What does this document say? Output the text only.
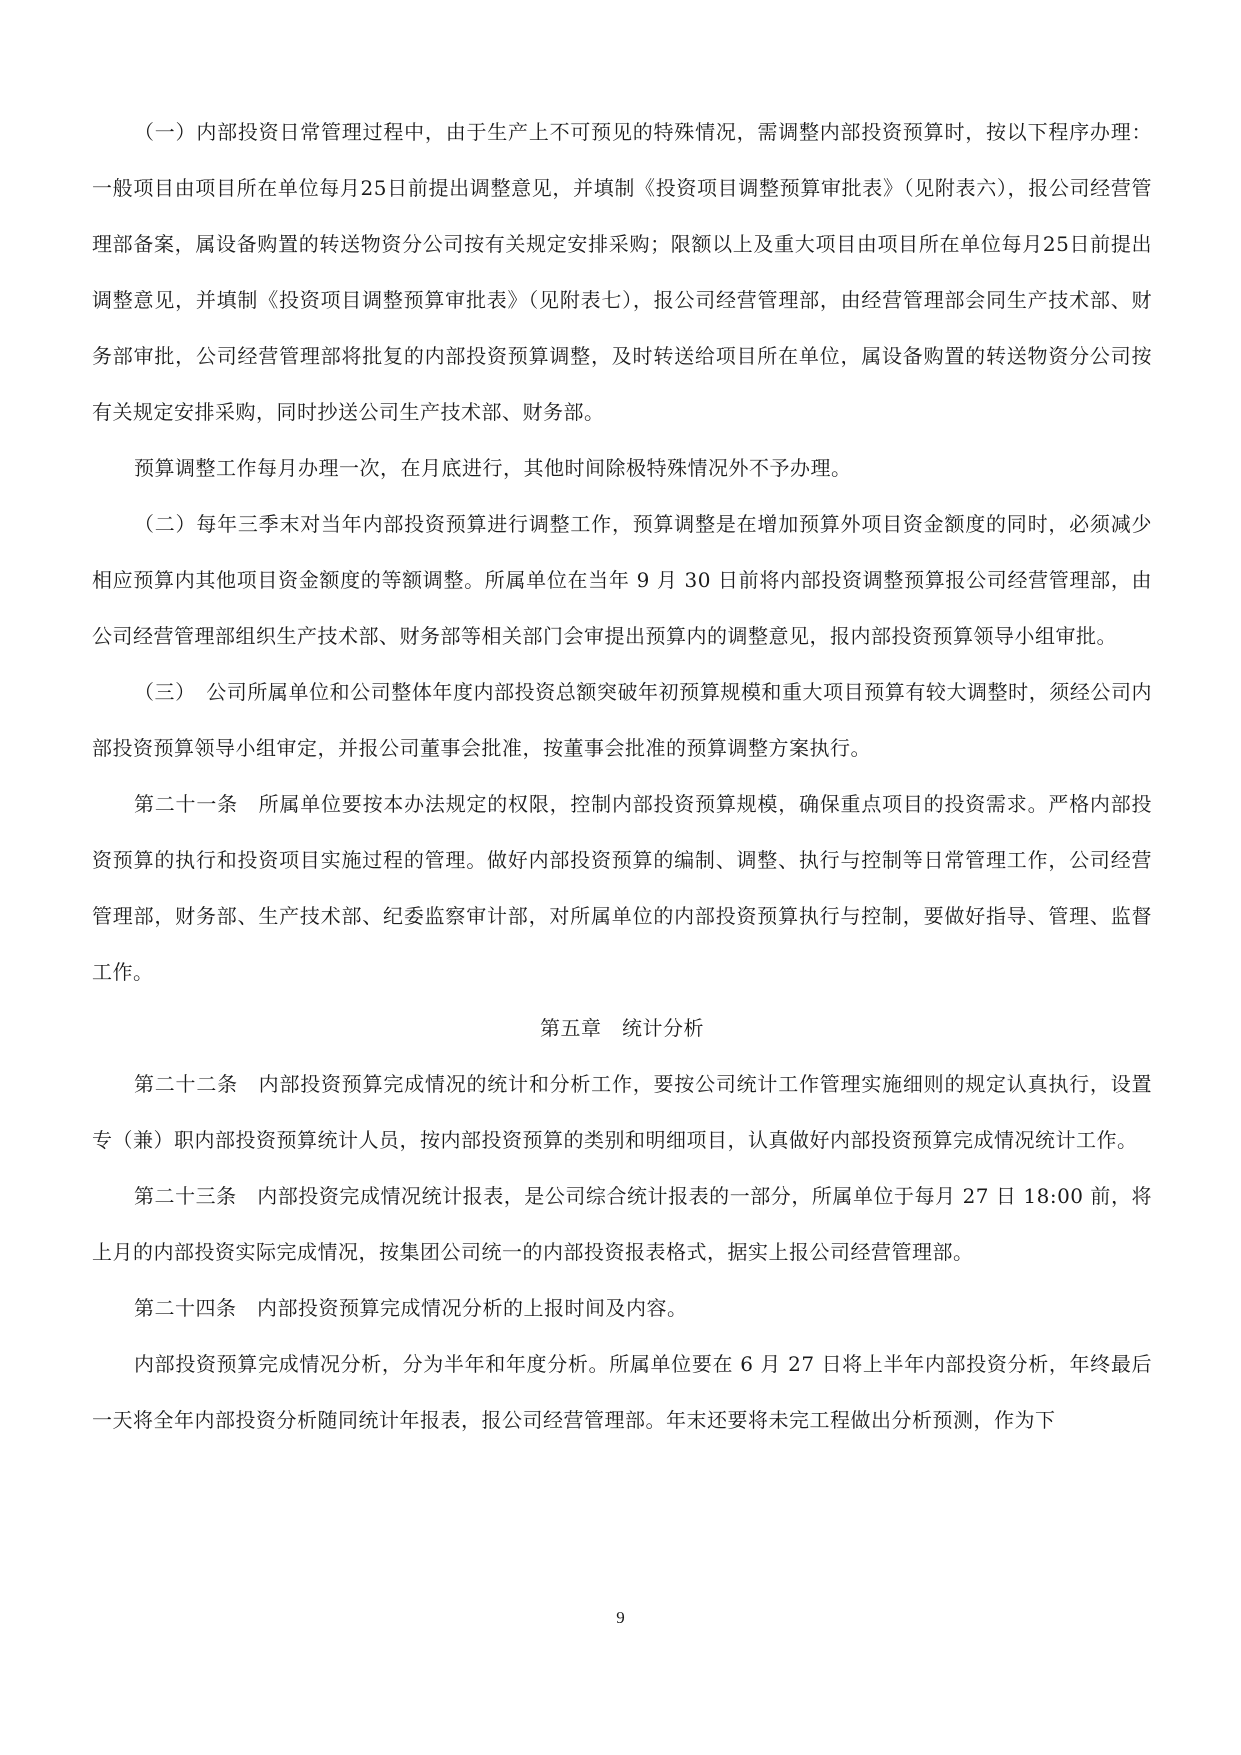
（一）内部投资日常管理过程中，由于生产上不可预见的特殊情况，需调整内部投资预算时，按以下程序办理：一般项目由项目所在单位每月25日前提出调整意见，并填制《投资项目调整预算审批表》（见附表六），报公司经营管理部备案，属设备购置的转送物资分公司按有关规定安排采购；限额以上及重大项目由项目所在单位每月25日前提出调整意见，并填制《投资项目调整预算审批表》（见附表七），报公司经营管理部，由经营管理部会同生产技术部、财务部审批，公司经营管理部将批复的内部投资预算调整，及时转送给项目所在单位，属设备购置的转送物资分公司按有关规定安排采购，同时抄送公司生产技术部、财务部。

预算调整工作每月办理一次，在月底进行，其他时间除极特殊情况外不予办理。

（二）每年三季末对当年内部投资预算进行调整工作，预算调整是在增加预算外项目资金额度的同时，必须减少相应预算内其他项目资金额度的等额调整。所属单位在当年 9 月 30 日前将内部投资调整预算报公司经营管理部，由公司经营管理部组织生产技术部、财务部等相关部门会审提出预算内的调整意见，报内部投资预算领导小组审批。

（三）　公司所属单位和公司整体年度内部投资总额突破年初预算规模和重大项目预算有较大调整时，须经公司内部投资预算领导小组审定，并报公司董事会批准，按董事会批准的预算调整方案执行。

第二十一条　所属单位要按本办法规定的权限，控制内部投资预算规模，确保重点项目的投资需求。严格内部投资预算的执行和投资项目实施过程的管理。做好内部投资预算的编制、调整、执行与控制等日常管理工作，公司经营管理部，财务部、生产技术部、纪委监察审计部，对所属单位的内部投资预算执行与控制，要做好指导、管理、监督工作。

第五章　统计分析

第二十二条　内部投资预算完成情况的统计和分析工作，要按公司统计工作管理实施细则的规定认真执行，设置专（兼）职内部投资预算统计人员，按内部投资预算的类别和明细项目，认真做好内部投资预算完成情况统计工作。

第二十三条　内部投资完成情况统计报表，是公司综合统计报表的一部分，所属单位于每月 27 日 18:00 前，将上月的内部投资实际完成情况，按集团公司统一的内部投资报表格式，据实上报公司经营管理部。

第二十四条　内部投资预算完成情况分析的上报时间及内容。

内部投资预算完成情况分析，分为半年和年度分析。所属单位要在 6 月 27 日将上半年内部投资分析，年终最后一天将全年内部投资分析随同统计年报表，报公司经营管理部。年末还要将未完工程做出分析预测，作为下

9
